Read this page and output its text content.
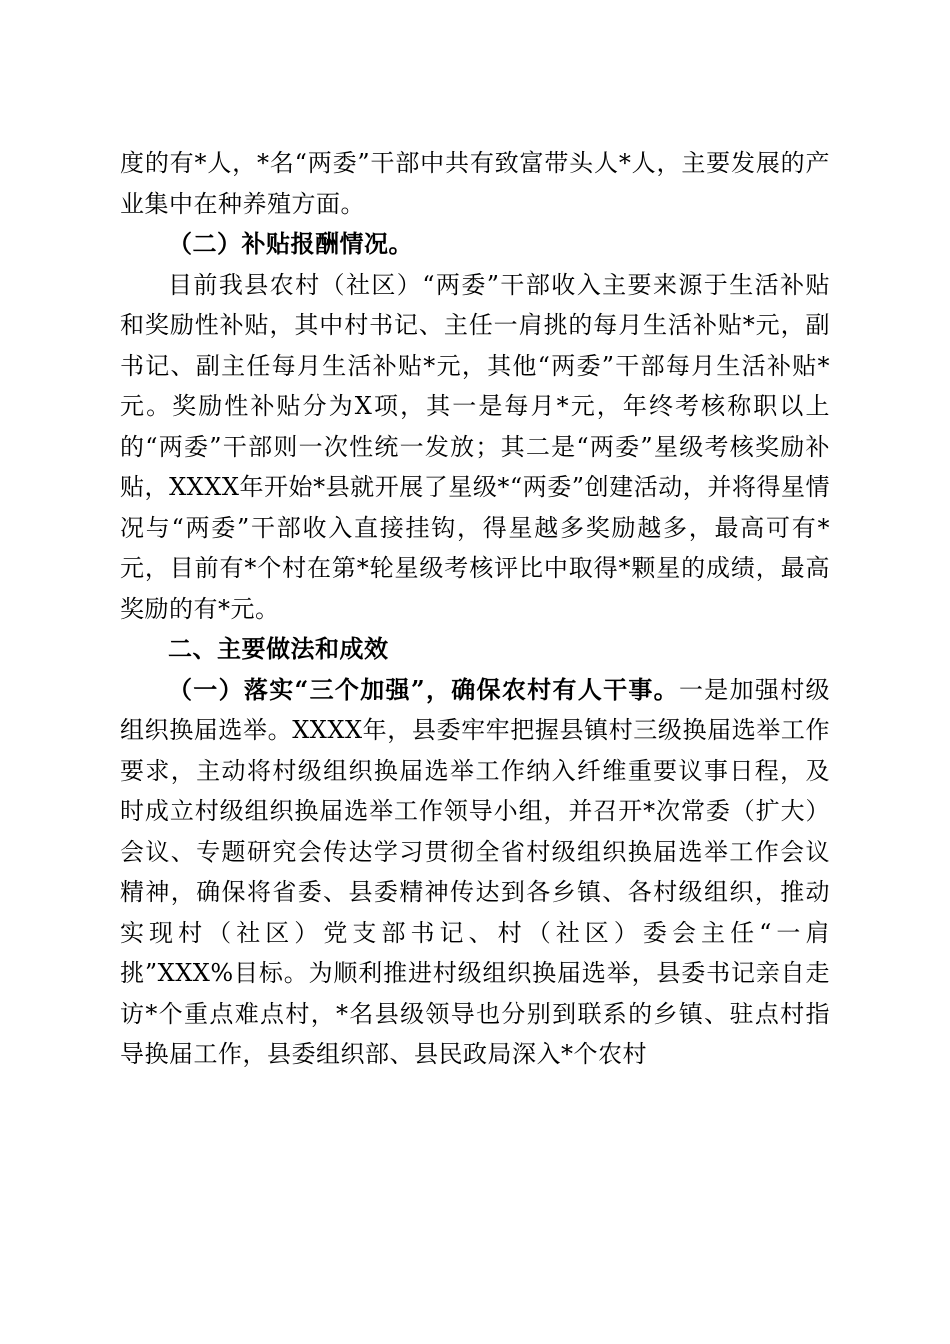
度的有*人，*名“两委”干部中共有致富带头人*人，主要发展的产业集中在种养殖方面。

（二）补贴报酬情况。

目前我县农村（社区）“两委”干部收入主要来源于生活补贴和奖励性补贴，其中村书记、主任一肩挑的每月生活补贴*元，副书记、副主任每月生活补贴*元，其他“两委”干部每月生活补贴*元。奖励性补贴分为X项，其一是每月*元，年终考核称职以上的“两委”干部则一次性统一发放；其二是“两委”星级考核奖励补贴，XXXX年开始*县就开展了星级*“两委”创建活动，并将得星情况与“两委”干部收入直接挂钩，得星越多奖励越多，最高可有*元，目前有*个村在第*轮星级考核评比中取得*颗星的成绩，最高奖励的有*元。

二、主要做法和成效

（一）落实“三个加强”，确保农村有人干事。一是加强村级组织换届选举。XXXX年，县委牢牢把握县镇村三级换届选举工作要求，主动将村级组织换届选举工作纳入纤维重要议事日程，及时成立村级组织换届选举工作领导小组，并召开*次常委（扩大）会议、专题研究会传达学习贯彻全省村级组织换届选举工作会议精神，确保将省委、县委精神传达到各乡镇、各村级组织，推动实现村（社区）党支部书记、村（社区）委会主任“一肩挑”XXX%目标。为顺利推进村级组织换届选举，县委书记亲自走访*个重点难点村，*名县级领导也分别到联系的乡镇、驻点村指导换届工作，县委组织部、县民政局深入*个农村
